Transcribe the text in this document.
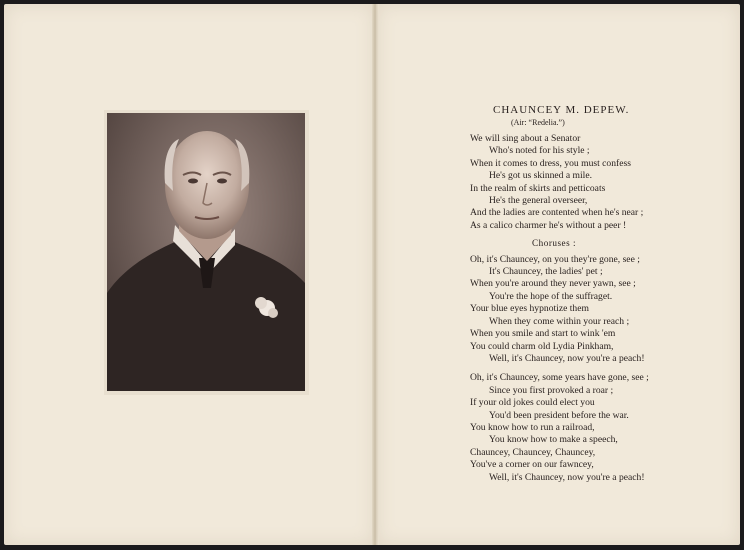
CHAUNCEY M. DEPEW.
(Air: “Redelia.”)
We will sing about a Senator
Who's noted for his style ;
When it comes to dress, you must confess
He's got us skinned a mile.
In the realm of skirts and petticoats
He's the general overseer,
And the ladies are contented when he's near ;
As a calico charmer he's without a peer !
Choruses :
Oh, it's Chauncey, on you they're gone, see ;
It's Chauncey, the ladies' pet ;
When you're around they never yawn, see ;
You're the hope of the suffraget.
Your blue eyes hypnotize them
When they come within your reach ;
When you smile and start to wink 'em
You could charm old Lydia Pinkham,
Well, it's Chauncey, now you're a peach!
Oh, it's Chauncey, some years have gone, see ;
Since you first provoked a roar ;
If your old jokes could elect you
You'd been president before the war.
You know how to run a railroad,
You know how to make a speech,
Chauncey, Chauncey, Chauncey,
You've a corner on our fawncey,
Well, it's Chauncey, now you're a peach!
